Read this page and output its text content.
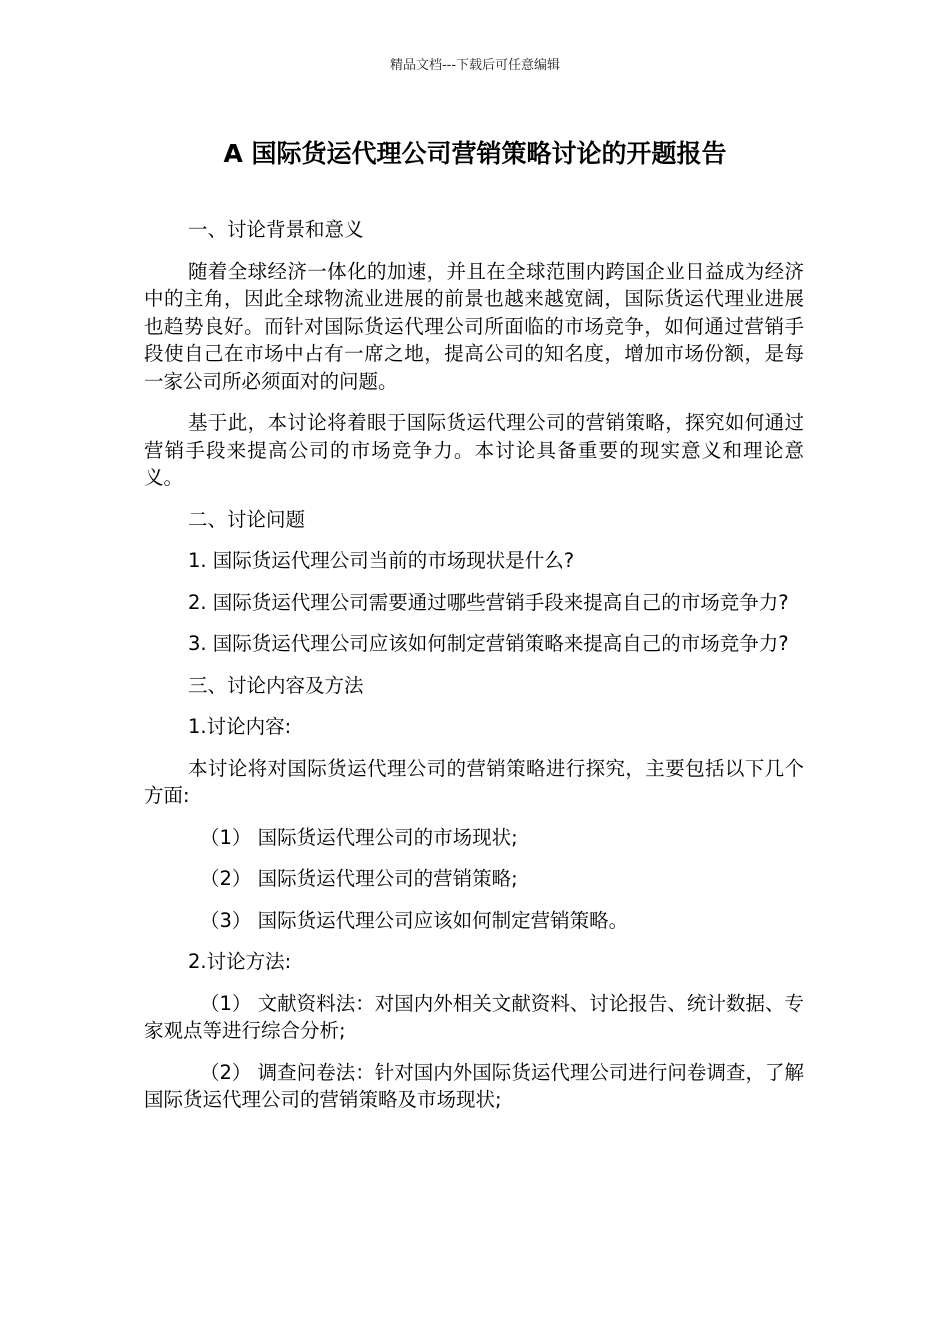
精品文档---下载后可任意编辑
A 国际货运代理公司营销策略讨论的开题报告

一、讨论背景和意义

随着全球经济一体化的加速，并且在全球范围内跨国企业日益成为经济中的主角，因此全球物流业进展的前景也越来越宽阔，国际货运代理业进展也趋势良好。而针对国际货运代理公司所面临的市场竞争，如何通过营销手段使自己在市场中占有一席之地，提高公司的知名度，增加市场份额，是每一家公司所必须面对的问题。

基于此，本讨论将着眼于国际货运代理公司的营销策略，探究如何通过营销手段来提高公司的市场竞争力。本讨论具备重要的现实意义和理论意义。

二、讨论问题

1. 国际货运代理公司当前的市场现状是什么?

2. 国际货运代理公司需要通过哪些营销手段来提高自己的市场竞争力?

3. 国际货运代理公司应该如何制定营销策略来提高自己的市场竞争力?

三、讨论内容及方法

1.讨论内容:

本讨论将对国际货运代理公司的营销策略进行探究，主要包括以下几个方面:

（1） 国际货运代理公司的市场现状;

（2） 国际货运代理公司的营销策略;

（3） 国际货运代理公司应该如何制定营销策略。

2.讨论方法:

（1） 文献资料法：对国内外相关文献资料、讨论报告、统计数据、专家观点等进行综合分析;

（2） 调查问卷法：针对国内外国际货运代理公司进行问卷调查，了解国际货运代理公司的营销策略及市场现状;
